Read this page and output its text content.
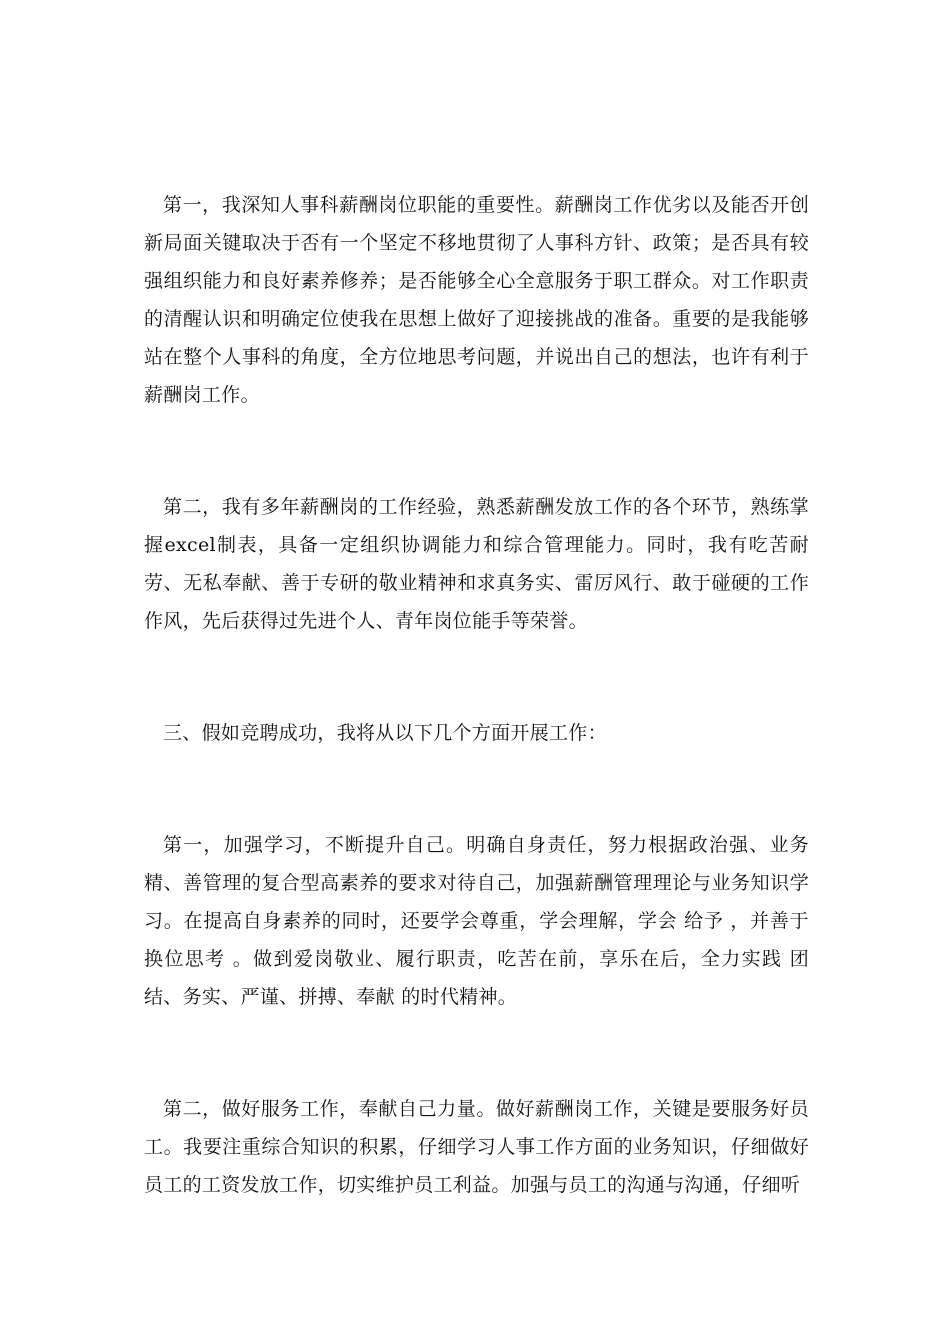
第一，我深知人事科薪酬岗位职能的重要性。薪酬岗工作优劣以及能否开创新局面关键取决于否有一个坚定不移地贯彻了人事科方针、政策；是否具有较强组织能力和良好素养修养；是否能够全心全意服务于职工群众。对工作职责的清醒认识和明确定位使我在思想上做好了迎接挑战的准备。重要的是我能够站在整个人事科的角度，全方位地思考问题，并说出自己的想法，也许有利于薪酬岗工作。

第二，我有多年薪酬岗的工作经验，熟悉薪酬发放工作的各个环节，熟练掌握excel制表，具备一定组织协调能力和综合管理能力。同时，我有吃苦耐劳、无私奉献、善于专研的敬业精神和求真务实、雷厉风行、敢于碰硬的工作作风，先后获得过先进个人、青年岗位能手等荣誉。

三、假如竞聘成功，我将从以下几个方面开展工作：

第一，加强学习，不断提升自己。明确自身责任，努力根据政治强、业务精、善管理的复合型高素养的要求对待自己，加强薪酬管理理论与业务知识学习。在提高自身素养的同时，还要学会尊重，学会理解，学会 给予 ，并善于 换位思考 。做到爱岗敬业、履行职责，吃苦在前，享乐在后，全力实践 团结、务实、严谨、拼搏、奉献 的时代精神。

第二，做好服务工作，奉献自己力量。做好薪酬岗工作，关键是要服务好员工。我要注重综合知识的积累，仔细学习人事工作方面的业务知识，仔细做好员工的工资发放工作，切实维护员工利益。加强与员工的沟通与沟通，仔细听
